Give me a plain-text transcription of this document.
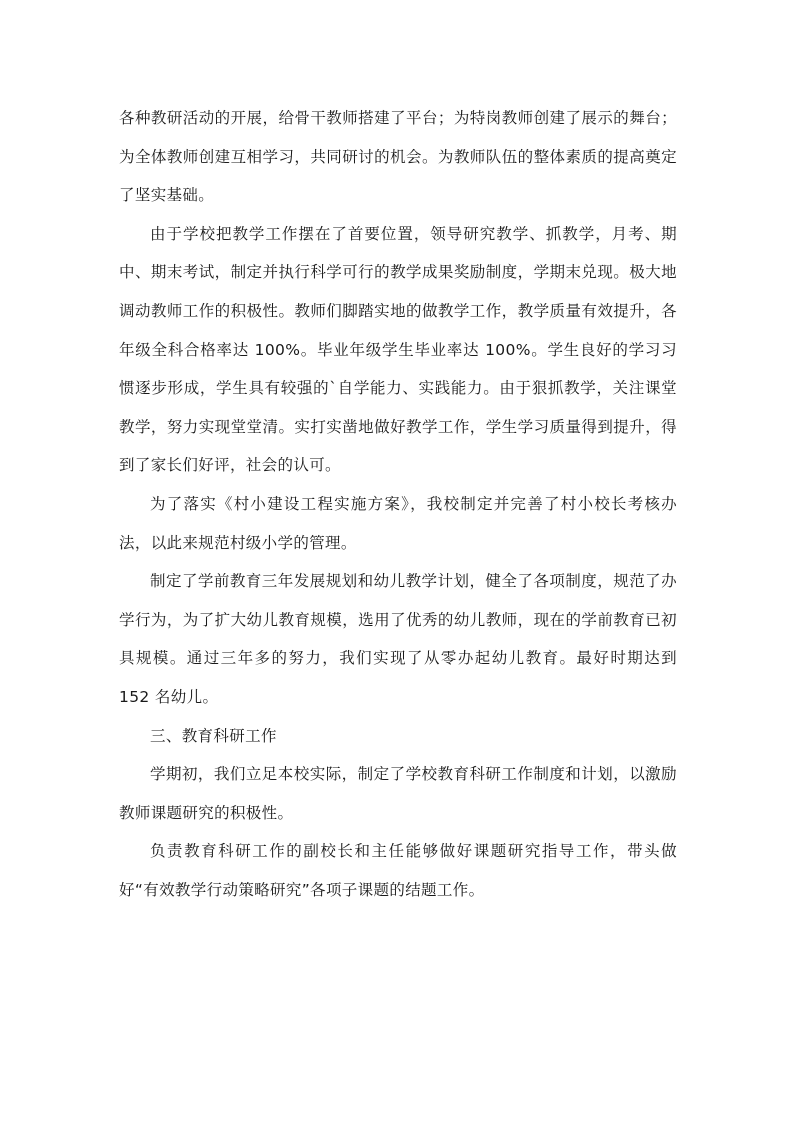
各种教研活动的开展，给骨干教师搭建了平台；为特岗教师创建了展示的舞台；为全体教师创建互相学习，共同研讨的机会。为教师队伍的整体素质的提高奠定了坚实基础。

由于学校把教学工作摆在了首要位置，领导研究教学、抓教学，月考、期中、期末考试，制定并执行科学可行的教学成果奖励制度，学期末兑现。极大地调动教师工作的积极性。教师们脚踏实地的做教学工作，教学质量有效提升，各年级全科合格率达 100%。毕业年级学生毕业率达 100%。学生良好的学习习惯逐步形成，学生具有较强的`自学能力、实践能力。由于狠抓教学，关注课堂教学，努力实现堂堂清。实打实凿地做好教学工作，学生学习质量得到提升，得到了家长们好评，社会的认可。

为了落实《村小建设工程实施方案》，我校制定并完善了村小校长考核办法，以此来规范村级小学的管理。

制定了学前教育三年发展规划和幼儿教学计划，健全了各项制度，规范了办学行为，为了扩大幼儿教育规模，选用了优秀的幼儿教师，现在的学前教育已初具规模。通过三年多的努力，我们实现了从零办起幼儿教育。最好时期达到 152 名幼儿。

三、教育科研工作

学期初，我们立足本校实际，制定了学校教育科研工作制度和计划，以激励教师课题研究的积极性。

负责教育科研工作的副校长和主任能够做好课题研究指导工作，带头做好“有效教学行动策略研究”各项子课题的结题工作。
